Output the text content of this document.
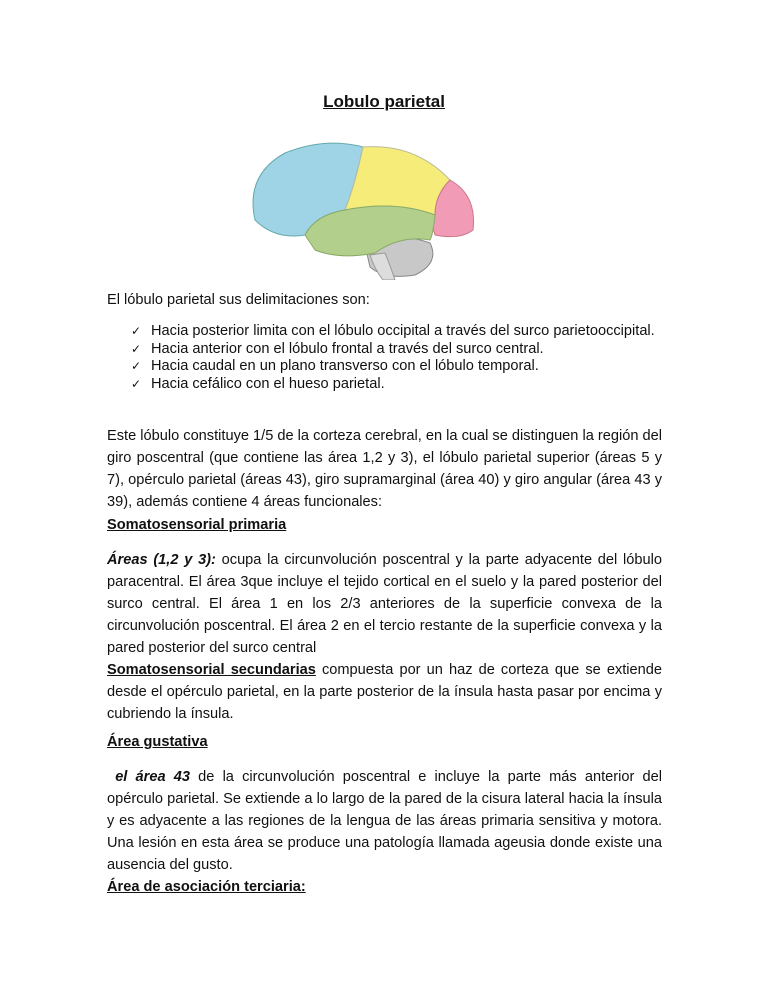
Lobulo parietal
El lóbulo parietal sus delimitaciones son:
✓ Hacia posterior limita con el lóbulo occipital a través del surco parietooccipital.
✓ Hacia anterior con el lóbulo frontal a través del surco central.
✓ Hacia caudal en un plano transverso con el lóbulo temporal.
✓ Hacia cefálico con el hueso parietal.
Este lóbulo constituye 1/5 de la corteza cerebral, en la cual se distinguen la región del giro poscentral (que contiene las área 1,2 y 3), el lóbulo parietal superior (áreas 5 y 7), opérculo parietal (áreas 43), giro supramarginal (área 40) y giro angular (área 43 y 39), además contiene 4 áreas funcionales:
Somatosensorial primaria
Áreas (1,2 y 3): ocupa la circunvolución poscentral y la parte adyacente del lóbulo paracentral. El área 3que incluye el tejido cortical en el suelo y la pared posterior del surco central. El área 1 en los 2/3 anteriores de la superficie convexa de la circunvolución poscentral. El área 2 en el tercio restante de la superficie convexa y la pared posterior del surco central
Somatosensorial secundarias compuesta por un haz de corteza que se extiende desde el opérculo parietal, en la parte posterior de la ínsula hasta pasar por encima y cubriendo la ínsula.
Área gustativa
el área 43 de la circunvolución poscentral e incluye la parte más anterior del opérculo parietal. Se extiende a lo largo de la pared de la cisura lateral hacia la ínsula y es adyacente a las regiones de la lengua de las áreas primaria sensitiva y motora. Una lesión en esta área se produce una patología llamada ageusia donde existe una ausencia del gusto.
Área de asociación terciaria:
